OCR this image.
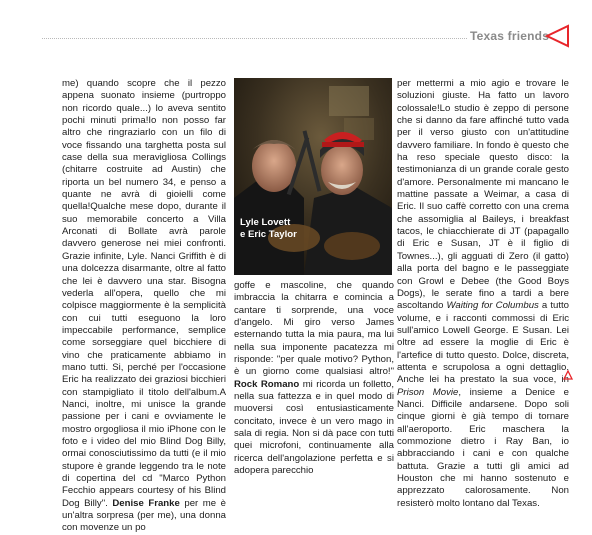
Texas friends

me) quando scopre che il pezzo appena suonato insieme (purtroppo non ricordo quale...) lo aveva sentito pochi minuti prima!Io non posso far altro che ringraziarlo con un filo di voce fissando una targhetta posta sul case della sua meravigliosa Collings (chitarre costruite ad Austin) che riporta un bel numero 34, e penso a quante ne avrà di gioielli come quella!Qualche mese dopo, durante il suo memorabile concerto a Villa Arconati di Bollate avrà parole davvero generose nei miei confronti. Grazie infinite, Lyle. Nanci Griffith è di una dolcezza disarmante, oltre al fatto che lei è davvero una star. Bisogna vederla all'opera, quello che mi colpisce maggiormente è la semplicità con cui tutti eseguono la loro impeccabile performance, semplice come sorseggiare quel bicchiere di vino che praticamente abbiamo in mano tutti. Si, perché per l'occasione Eric ha realizzato dei graziosi bicchieri con stampigliato il titolo dell'album.A Nanci, inoltre, mi unisce la grande passione per i cani e ovviamente le mostro orgogliosa il mio iPhone con le foto e i video del mio Blind Dog Billy, ormai conosciutissimo da tutti (e il mio stupore è grande leggendo tra le note di copertina del cd "Marco Python Fecchio appears courtesy of his Blind Dog Billy". Denise Franke per me è un'altra sorpresa (per me), una donna con movenze un po

Lyle Lovett
e Eric Taylor

goffe e mascoline, che quando imbraccia la chitarra e comincia a cantare ti sorprende, una voce d'angelo. Mi giro verso James esternando tutta la mia paura, ma lui nella sua imponente pacatezza mi risponde: "per quale motivo? Python, è un giorno come qualsiasi altro!" Rock Romano mi ricorda un folletto, nella sua fattezza e in quel modo di muoversi così entusiasticamente concitato, invece è un vero mago in sala di regia. Non si dà pace con tutti quei microfoni, continuamente alla ricerca dell'angolazione perfetta e si adopera parecchio

per mettermi a mio agio e trovare le soluzioni giuste. Ha fatto un lavoro colossale!Lo studio è zeppo di persone che si danno da fare affinché tutto vada per il verso giusto con un'attitudine davvero familiare. In fondo è questo che ha reso speciale questo disco: la testimonianza di un grande corale gesto d'amore. Personalmente mi mancano le mattine passate a Weimar, a casa di Eric. Il suo caffè corretto con una crema che assomiglia al Baileys, i breakfast tacos, le chiacchierate di JT (papagallo di Eric e Susan, JT è il figlio di Townes...), gli agguati di Zero (il gatto) alla porta del bagno e le passeggiate con Growl e Debee (the Good Boys Dogs), le serate fino a tardi a bere ascoltando Waiting for Columbus a tutto volume, e i racconti commossi di Eric sull'amico Lowell George. E Susan. Lei oltre ad essere la moglie di Eric è l'artefice di tutto questo. Dolce, discreta, attenta e scrupolosa a ogni dettaglio. Anche lei ha prestato la sua voce, in Prison Movie, insieme a Denice e Nanci. Difficile andarsene. Dopo soli cinque giorni è già tempo di tornare all'aeroporto. Eric mascherа la commozione dietro i Ray Ban, io abbracciando i cani e con qualche battuta. Grazie a tutti gli amici ad Houston che mi hanno sostenuto e apprezzato calorosamente. Non resisterò molto lontano dal Texas.
